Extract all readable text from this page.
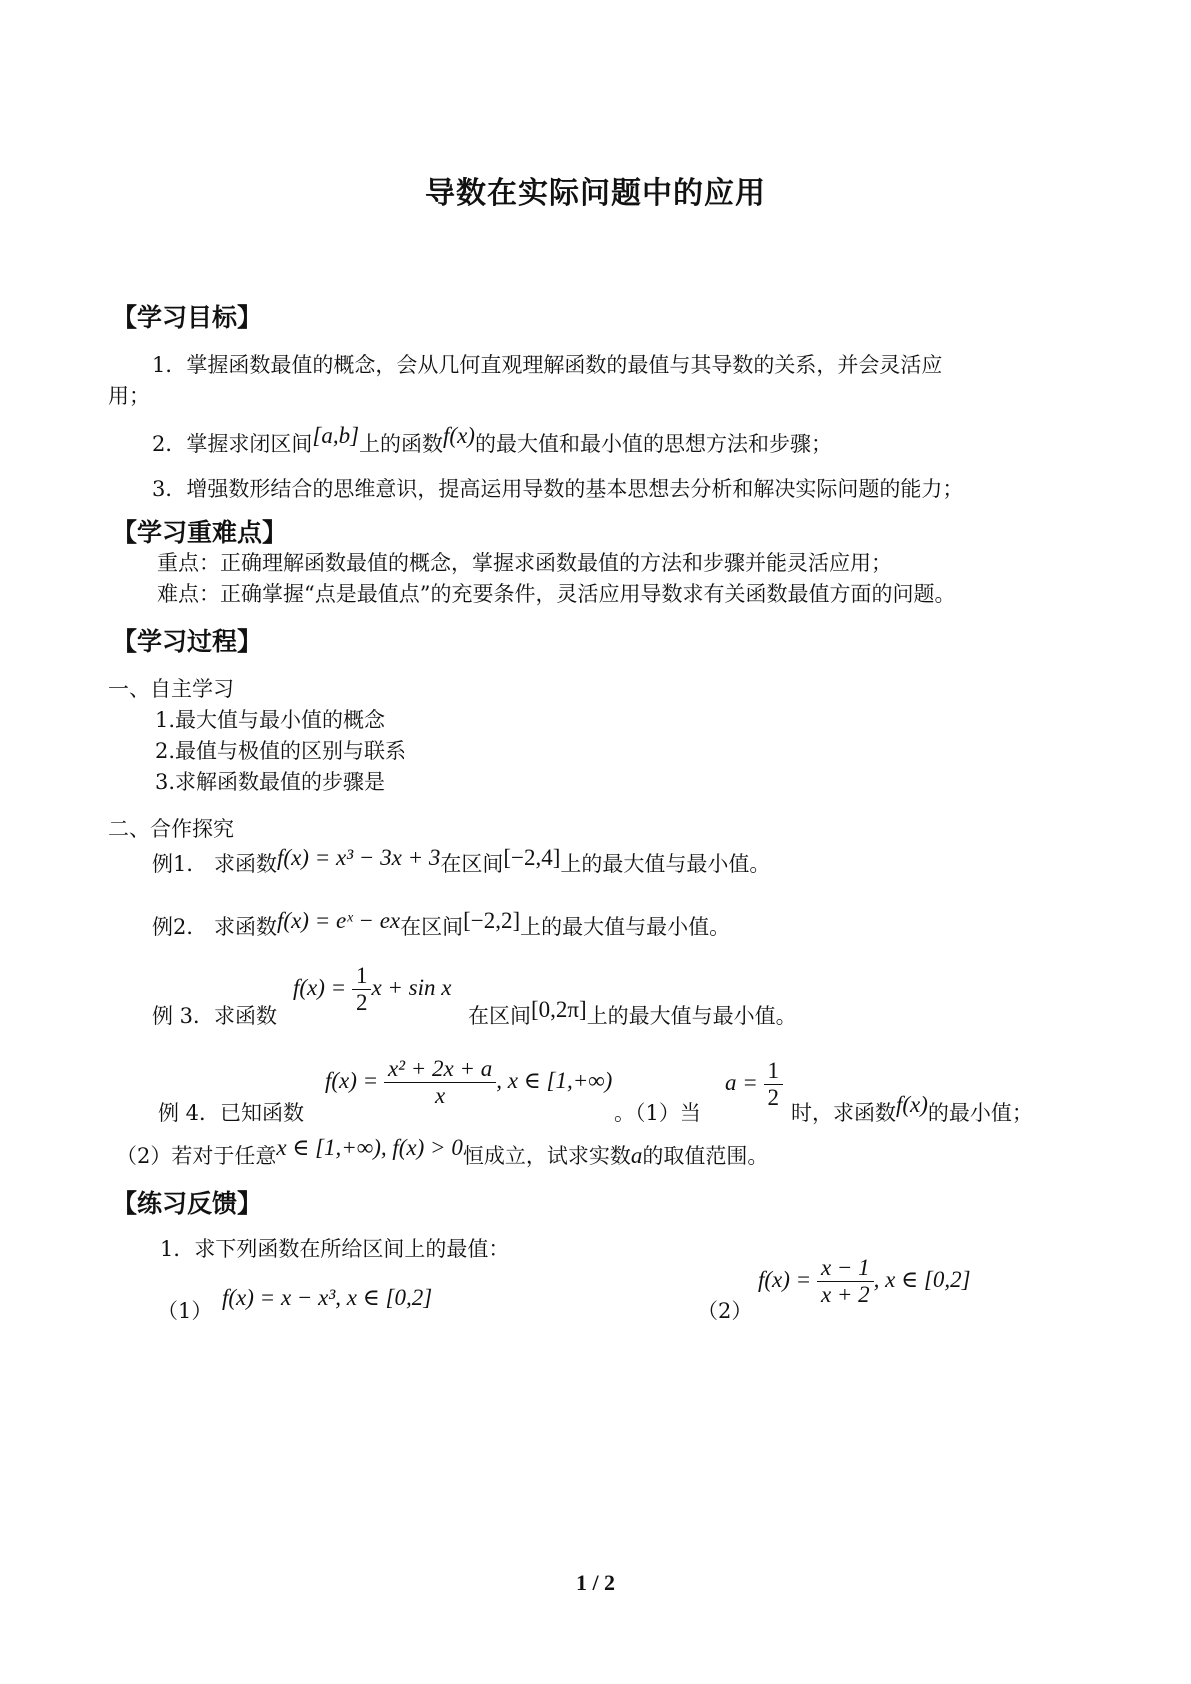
导数在实际问题中的应用
【学习目标】
1．掌握函数最值的概念，会从几何直观理解函数的最值与其导数的关系，并会灵活应
用；
2．掌握求闭区间[a,b]上的函数f(x)的最大值和最小值的思想方法和步骤；
3．增强数形结合的思维意识，提高运用导数的基本思想去分析和解决实际问题的能力；
【学习重难点】
重点：正确理解函数最值的概念，掌握求函数最值的方法和步骤并能灵活应用；
难点：正确掌握“点是最值点”的充要条件，灵活应用导数求有关函数最值方面的问题。
【学习过程】
一、自主学习
1.最大值与最小值的概念
2.最值与极值的区别与联系
3.求解函数最值的步骤是
二、合作探究
例1． 求函数f(x) = x³ − 3x + 3在区间[−2,4]上的最大值与最小值。
例2． 求函数f(x) = eˣ − ex在区间[−2,2]上的最大值与最小值。
例 3．求函数
$f(x) = \frac{1}{2}$ x + sin x
在区间[0,2π]上的最大值与最小值。
例 4．已知函数
$f(x) = \frac{\text{x² + 2x + a}}{x}$ , x ∈ [1,+∞)
。（1）当
$a = \frac{1}{2}$
时，求函数f(x)的最小值；
（2）若对于任意x ∈ [1,+∞), f(x) > 0恒成立，试求实数a的取值范围。
【练习反馈】
1．求下列函数在所给区间上的最值：
（1）
f(x) = x − x³, x ∈ [0,2]
（2）
$f(x) = \frac{x - 1}{x + 2}$ , x ∈ [0,2]
1 / 2
